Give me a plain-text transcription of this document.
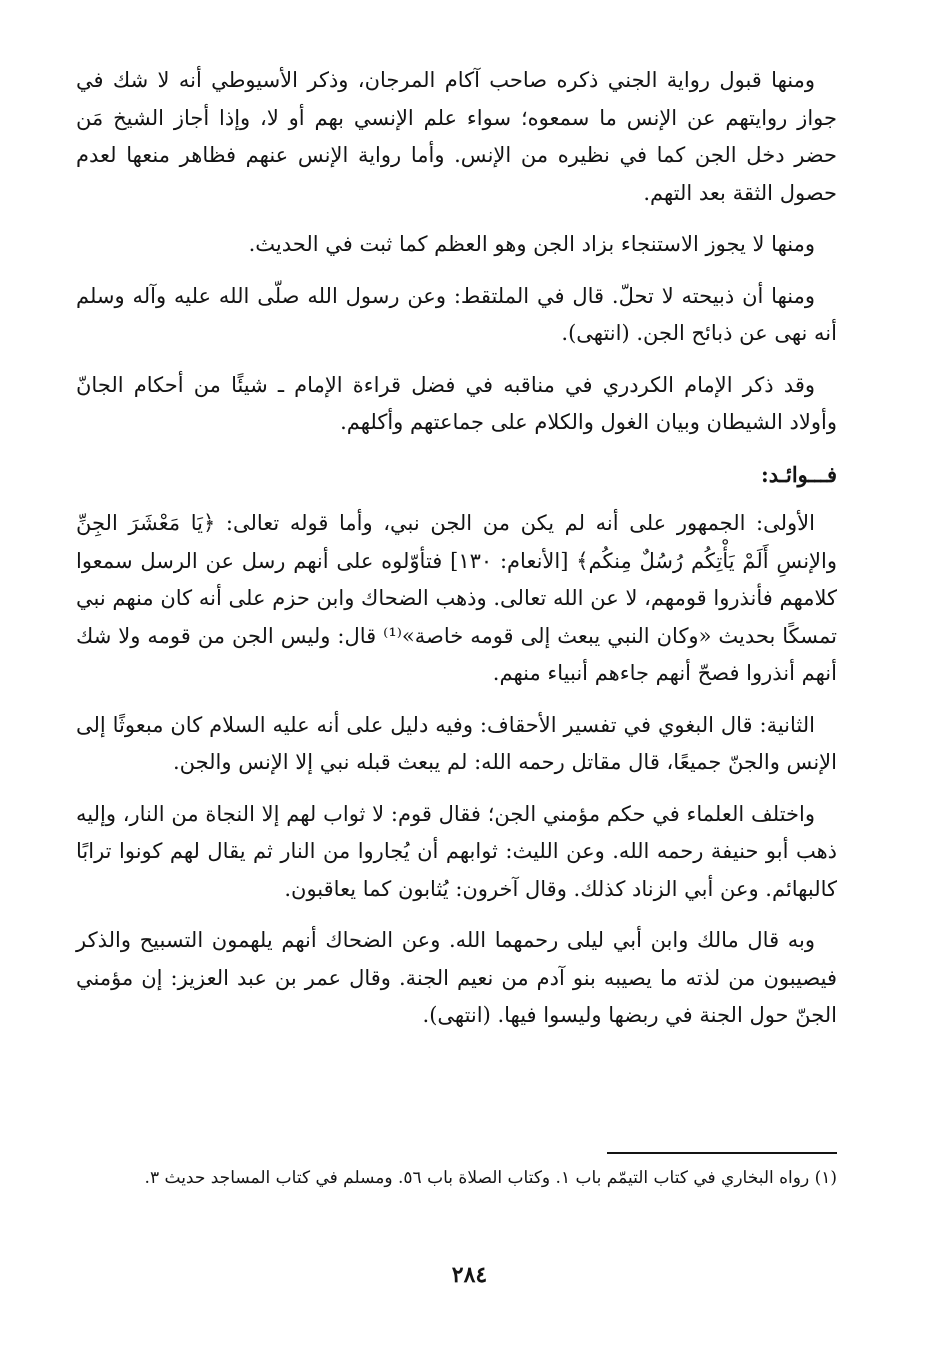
ومنها قبول رواية الجني ذكره صاحب آكام المرجان، وذكر الأسيوطي أنه لا شك في جواز روايتهم عن الإنس ما سمعوه؛ سواء علم الإنسي بهم أو لا، وإذا أجاز الشيخ مَن حضر دخل الجن كما في نظيره من الإنس. وأما رواية الإنس عنهم فظاهر منعها لعدم حصول الثقة بعد التهم.

ومنها لا يجوز الاستنجاء بزاد الجن وهو العظم كما ثبت في الحديث.

ومنها أن ذبيحته لا تحلّ. قال في الملتقط: وعن رسول الله صلّى الله عليه وآله وسلم أنه نهى عن ذبائح الجن. (انتهى).

وقد ذكر الإمام الكردري في مناقبه في فضل قراءة الإمام ـ شيئًا من أحكام الجانّ وأولاد الشيطان وبيان الغول والكلام على جماعتهم وأكلهم.

فـــوائـد:

الأولى: الجمهور على أنه لم يكن من الجن نبي، وأما قوله تعالى: ﴿يَا مَعْشَرَ الجِنِّ والإنسِ أَلَمْ يَأْتِكُم رُسُلٌ مِنكُم﴾ [الأنعام: ١٣٠] فتأوّلوه على أنهم رسل عن الرسل سمعوا كلامهم فأنذروا قومهم، لا عن الله تعالى. وذهب الضحاك وابن حزم على أنه كان منهم نبي تمسكًا بحديث «وكان النبي يبعث إلى قومه خاصة»⁽¹⁾ قال: وليس الجن من قومه ولا شك أنهم أنذروا فصحّ أنهم جاءهم أنبياء منهم.

الثانية: قال البغوي في تفسير الأحقاف: وفيه دليل على أنه عليه السلام كان مبعوثًا إلى الإنس والجنّ جميعًا، قال مقاتل رحمه الله: لم يبعث قبله نبي إلا الإنس والجن.

واختلف العلماء في حكم مؤمني الجن؛ فقال قوم: لا ثواب لهم إلا النجاة من النار، وإليه ذهب أبو حنيفة رحمه الله. وعن الليث: ثوابهم أن يُجاروا من النار ثم يقال لهم كونوا ترابًا كالبهائم. وعن أبي الزناد كذلك. وقال آخرون: يُثابون كما يعاقبون.

وبه قال مالك وابن أبي ليلى رحمهما الله. وعن الضحاك أنهم يلهمون التسبيح والذكر فيصيبون من لذته ما يصيبه بنو آدم من نعيم الجنة. وقال عمر بن عبد العزيز: إن مؤمني الجنّ حول الجنة في ربضها وليسوا فيها. (انتهى).

(١) رواه البخاري في كتاب التيمّم باب ١. وكتاب الصلاة باب ٥٦. ومسلم في كتاب المساجد حديث ٣.

٢٨٤
